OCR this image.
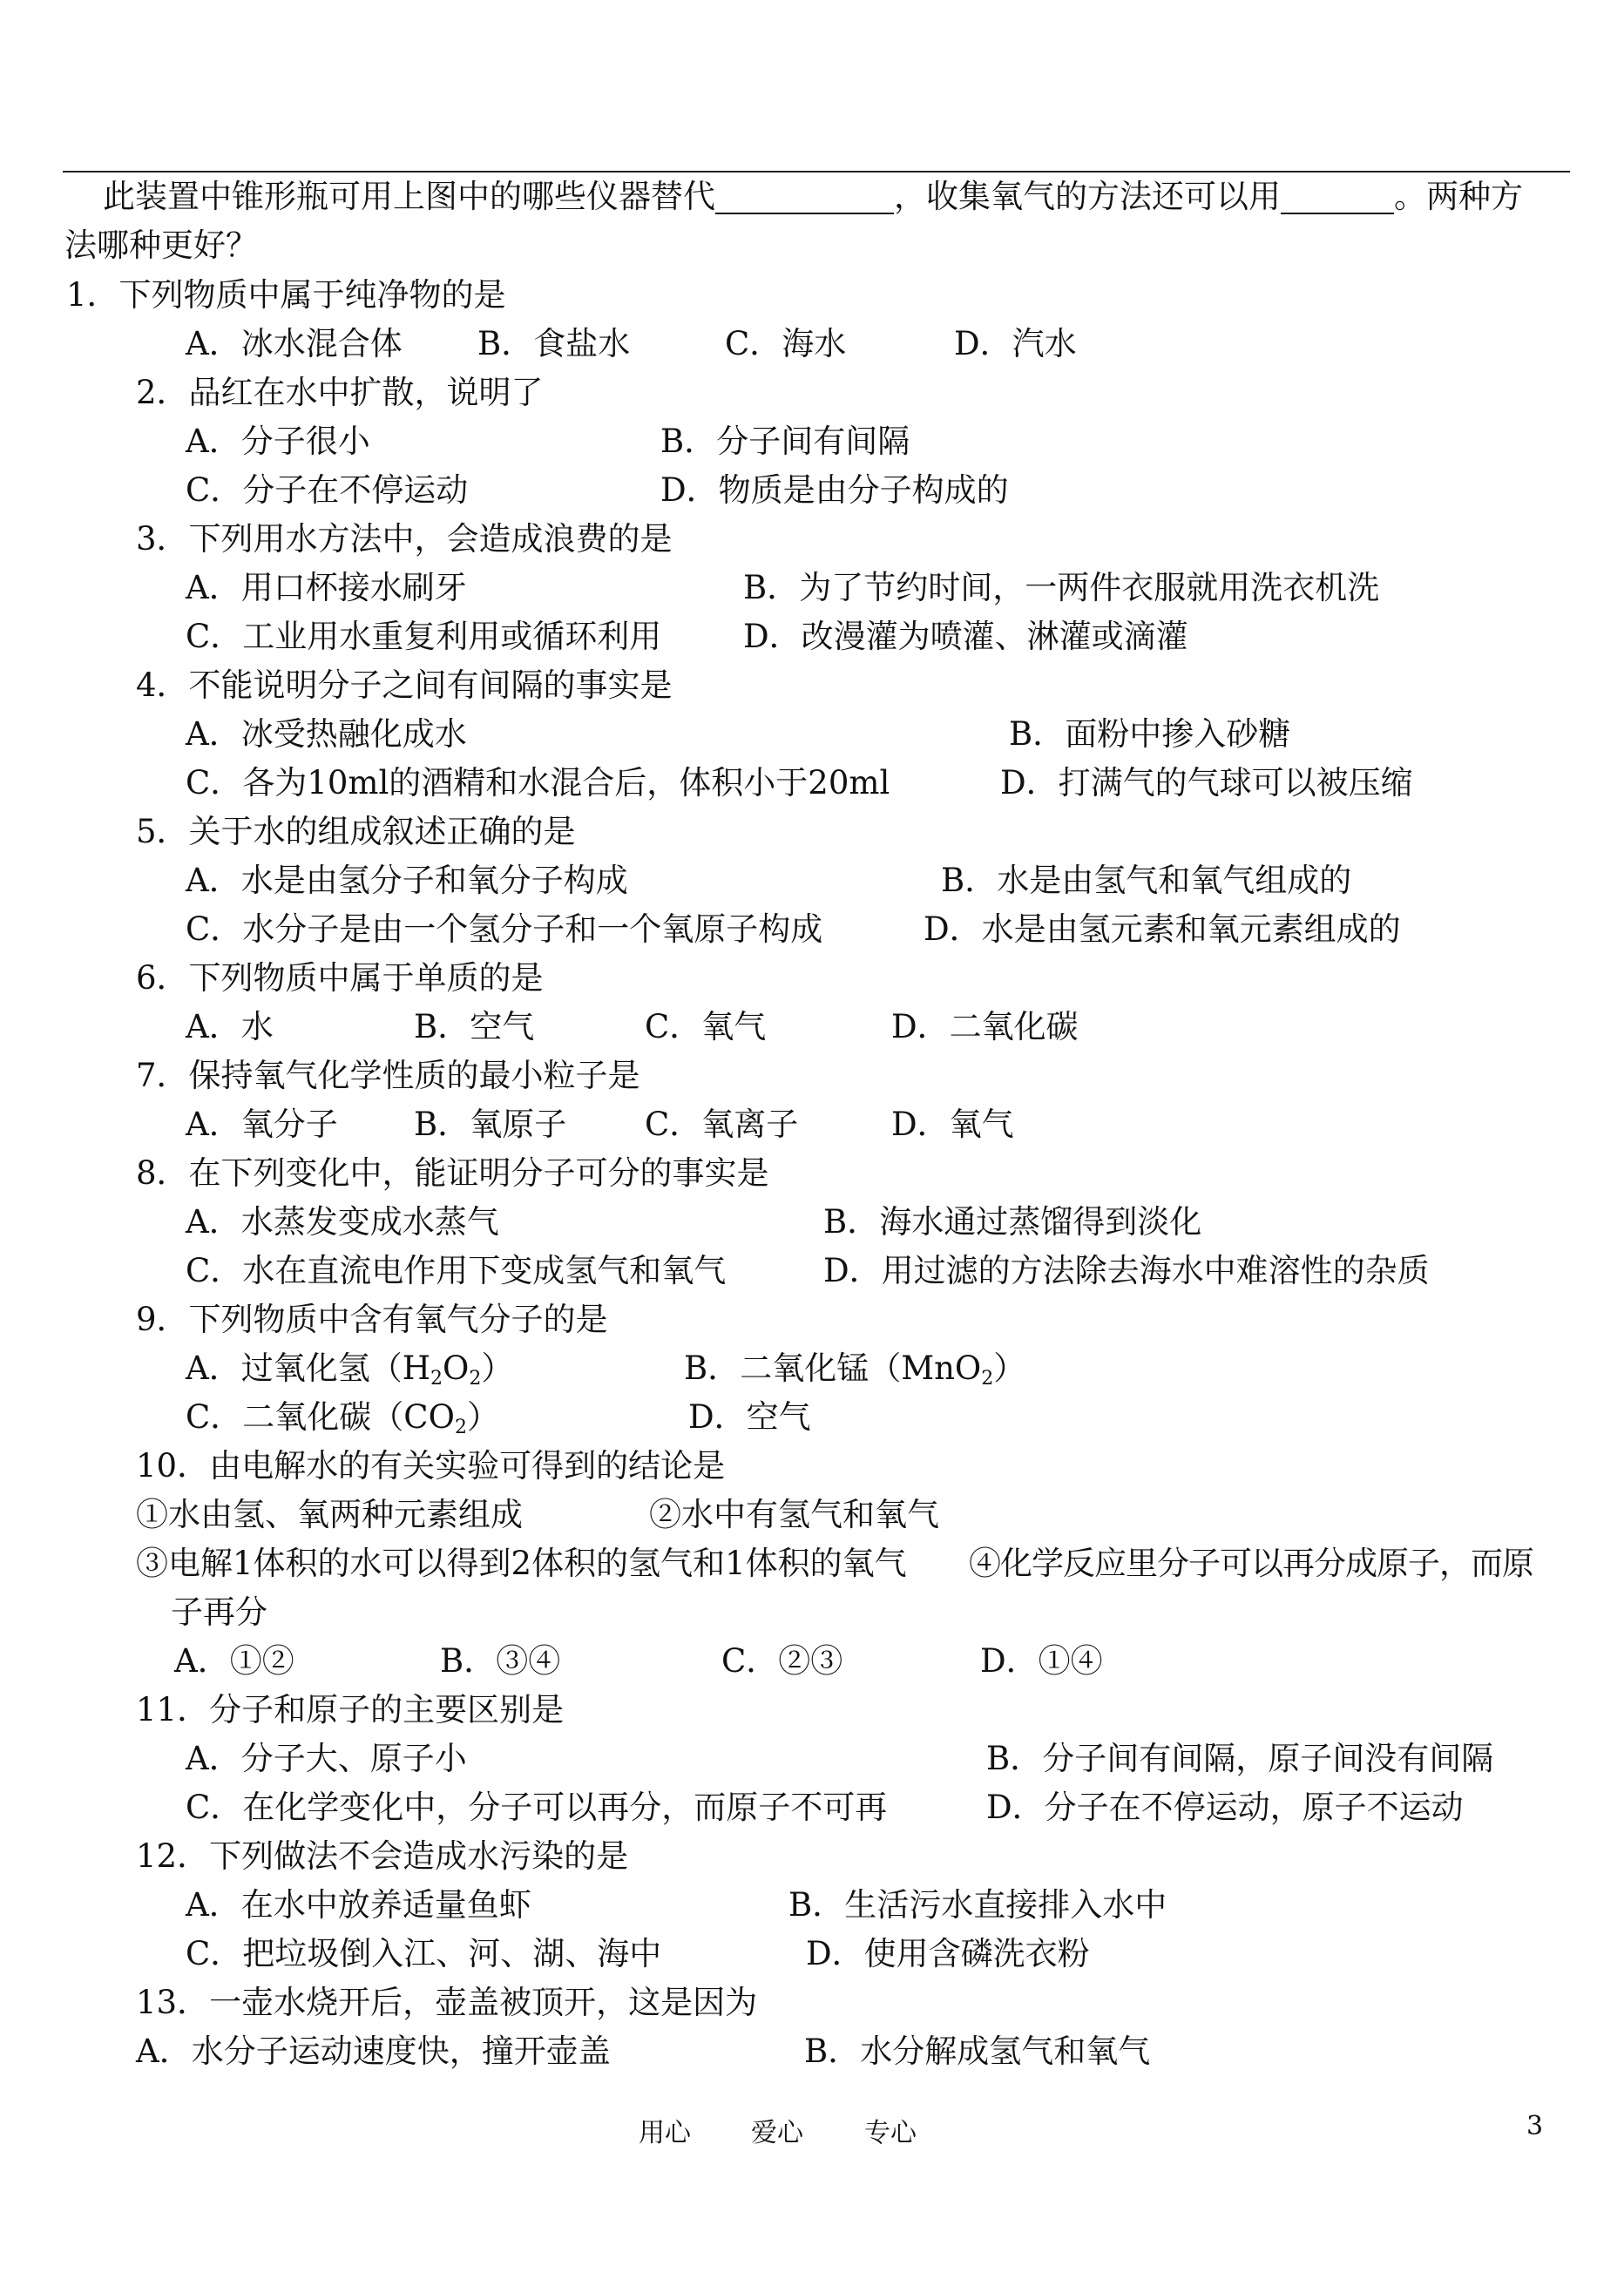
此装置中锥形瓶可用上图中的哪些仪器替代	，收集氧气的方法还可以用	。两种方
法哪种更好？
1．下列物质中属于纯净物的是
A．冰水混合体 B．食盐水	C．海水	D．汽水
2．品红在水中扩散，说明了
A．分子很小	B．分子间有间隔
C．分子在不停运动	D．物质是由分子构成的
3．下列用水方法中，会造成浪费的是
A．用口杯接水刷牙	B．为了节约时间，一两件衣服就用洗衣机洗
C．工业用水重复利用或循环利用	D．改漫灌为喷灌、淋灌或滴灌
4．不能说明分子之间有间隔的事实是
A．冰受热融化成水	B．面粉中掺入砂糖
C．各为10ml的酒精和水混合后，体积小于20ml	D．打满气的气球可以被压缩
5．关于水的组成叙述正确的是
A．水是由氢分子和氧分子构成	B．水是由氢气和氧气组成的
C．水分子是由一个氢分子和一个氧原子构成	D．水是由氢元素和氧元素组成的
6．下列物质中属于单质的是
A．水	B．空气	C．氧气	D．二氧化碳
7．保持氧气化学性质的最小粒子是
A．氧分子 B．氧原子 C．氧离子	D．氧气
8．在下列变化中，能证明分子可分的事实是
A．水蒸发变成水蒸气	B．海水通过蒸馏得到淡化
C．水在直流电作用下变成氢气和氧气	D．用过滤的方法除去海水中难溶性的杂质
9．下列物质中含有氧气分子的是
A．过氧化氢$(H_2O_2)$	B．二氧化锰（MnO$_2$）
C．二氧化碳$(CO_2)$	D．空气
10．由电解水的有关实验可得到的结论是
①水由氢、氧两种元素组成	②水中有氢气和氧气
③电解1体积的水可以得到2体积的氢气和1体积的氧气 ④化学反应里分子可以再分成原子，而原
子再分
A．①②	B．③④	C．②③	D．①④
11．分子和原子的主要区别是
A．分子大、原子小	B．分子间有间隔，原子间没有间隔
C．在化学变化中，分子可以再分，而原子不可再	D．分子在不停运动，原子不运动
12．下列做法不会造成水污染的是
A．在水中放养适量鱼虾	B．生活污水直接排入水中
C．把垃圾倒入江、河、湖、海中	D．使用含磷洗衣粉
13．一壶水烧开后，壶盖被顶开，这是因为
A．水分子运动速度快，撞开壶盖	B．水分解成氢气和氧气
用心 爱心 专心	3
